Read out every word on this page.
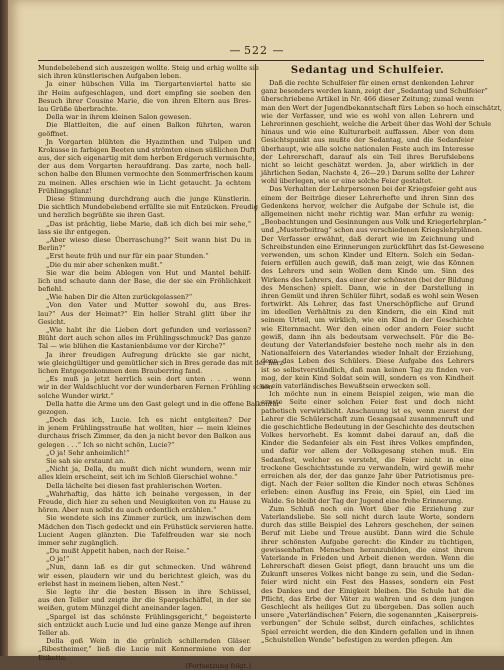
— 522 —
Mundebelebend sich auszeigen wollte. Steig und erhig wollte sie
sich ihren künstlerischen Aufgaben leben.
Ja einer hübschen Villa im Tiergartenviertel hatte sie
ihr Heim aufgeschlagen, und dort empfing sie soeben den
Besuch ihrer Cousine Marie, die von ihren Eltern aus Bres-
lau Grüße überbrachte.
Della war in ihrem kleinen Salon gewesen.
Die Blattleiten, die auf einen Balkon führten, waren
geöffnet.
Jn Vorgarten blühten die Hyazinthen und Tulpen und
Krokusse in farbigen Beeten und strömten einen süßlichen Duft
aus, der sich eigenartig mit dem herben Erdgeruch vermischte,
der aus dem Vorgarten heraufdrang. Das zarte, noch hell-
schon halbe den Blumen vermochte den Sommerfrischen kaum
zu meinen. Alles erschien wie in Licht getaucht. Ja echtem
Frühlingsglanz!
Diese Stimmung durchdrang auch die junge Künstlerin.
Die sichtlich Mundebelebend erfüllte sie mit Entzücken. Freudig
und herzlich begrüßte sie ihren Gast.
„Das ist prächtig, liebe Marie, daß ich dich bei mir sehe,“
lass sie ihr entgegen.
„Aber wieso diese Überraschung?“ Seit wann bist Du in
Berlin?“
„Erst heute früh und nur für ein paar Stunden.“
„Die du mir aber schenken mußt.“
Sie war die beim Ablegen von Hut und Mantel behilf-
lich und schaute dann der Base, die der sie ein Fröhlichkeit
befiehl.
„Wie haben Dir die Alten zurückgelassen?“
„Von den Vater und Mutter sowohl du, aus Bres-
lau?“ Aus der Heimat?“ Ein heller Strahl glitt über ihr
Gesicht.
„Wie habt ihr die Lieben dort gefunden und verlassen?
Blüht dort auch schon alles im Frühlingsschmuck? Das ganze
Tal — wie blühen die Kastanienbäume vor der Kirche?“
Ja ihrer freudigen Aufregung drückte sie gar nicht,
wie gleichgültiger und gemütlicher sich in Bres gerade das mit der herz-
lichen Entgegenkommen dem Brauberring fand.
„Es muß ja jetzt herrlich sein dort unten . . . wenn
wir in der Waldschlucht vor der wunderbaren Fernen Frühling schon
solche Wunder wirkt.“
Della hatte die Arme um den Gast gelegt und in die offene Balkontür
gezogen.
„Doch das ich, Lucie. Ich es nicht entgleiten? Der
in jenem Frühlingsstrauße hat wollten, hier — mein kleines
durchaus frisch Zimmer, da den ja nicht bevor den Balkon aus
gelegen . . .“ Ich so nicht schön, Lucie?“
„O ja! Sehr anheimlich!“
Sie sah sie erstaunt an.
„Nicht ja, Della, du mußt dich nicht wundern, wenn mir
alles klein erscheint, seit ich im Schloß Gierschiel wohne.“
Della lächelte bei diesen fast prahlerischen Worten.
„Wahrhaftig, das hätte ich beinahe vergessen, in der
Freude, dich hier zu sehen und Neuigkeiten von zu Hause zu
hören. Aber nun sollst du auch ordentlich erzählen.“
Sie wendete sich ins Zimmer zurück, um inzwischen dem
Mädchen den Tisch gedeckt und ein Frühstück servieren hatte.
Lucient Augen glänzten. Die Tafelfreuden war sie noch
immer sehr zugänglich.
„Du mußt Appetit haben, nach der Reise.“
„O ja!“
„Nun, dann laß es dir gut schmecken. Und während
wir essen, plaudern wir und du berichtest gleich, was du
erlebst hast in meinem lieben, alten Nest.“
Sie legte ihr die besten Bissen in ihre Schüssel,
aus den Teller und zeigte ihr die Spargelschäffel, in der sie
weißen, gutem Münzgel dicht aneinander lagen.
„Spargel ist das schönste Frühlingsgericht,“ begeisterte
sich entzückt auch Lucie und lud eine ganze Menge auf ihren
Teller ab.
Della goß Wein in die grünlich schillernden Gläser.
„Ribestheimer,“ ließ die Lucie mit Kennermiene von der
Etikette.
(Fortsetzung folgt.)
Sedantag und Schulfeier.
Daß die rechte Schulfeier für einen ernst denkenden Lehrer
ganz besonders werden kann, zeigt der „Sedantag und Schulfeier“
überschriebene Artikel in Nr. 466 dieser Zeitung; zumal wenn
man den Wert der Jugendbekanntschaft fürs Leben so hoch einschätzt,
wie der Verfasser, und wie es wohl von allen Lehrern und
Lehrerinnen geschieht, welche die Arbeit über das Wohl der Schule
hinaus und wie eine Kulturarbeit auffassen. Aber von dem
Gesichtspunkt aus mußte der Sedantag, und die Sedanfeier
überhaupt, wie alle solche nationalen Feste auch im Interesse
der Lehrerschaft, darauf als ein Teil ihres Berufslebens
nicht so leicht geschätzt werden. Ja, aber wirklich in der
jährlichen Sedan, Nachste 4, 26—29.) Darum sollte der Lehrer
wohl überlegen, wie er eine solche Feier gestaltet.
Das Verhalten der Lehrpersonen bei der Kriegsfeier geht aus
einem der Beiträge dieser Lehrerhefte und ihren Sinn des
Gedenkens hervor, welcher die Aufgabe der Schule ist, die
allgemeinen nicht mehr richtig war. Man erfuhr zu wenig:
„Beobachtungen und Gesinnungen aus Volk und Kriegerlehrplan-“
und „Musterbeitrag“ schon aus verschiedenen Kriegslehrplänen.
Der Verfasser erwähnt, daß derart wie im Zeichnung und
Schreibstunden eine Erinnerungen zurückführt das Ist-Gewesene
verwenden, um schon Kinder und Eltern. Solch ein Sedan-
feiern erfüllen auch gewiß, daß man zeigt, wie das Können
des Lehrers und sein Wollen dem Kinde um. Sinn des
Wirkens des Lehrers, das einer der schönsten (bei der Bildung
des Menschen) spielt. Dann, wie in der Darstellung in
ihren Gemüt und ihren Schüler führt, sodaß es wohl sein Wesen
fortwirkt. Als Lehrer, das fast Unerschöpfliche auf Grund
im ideellen Verhältnis zu den Kindern, die ein Kind mit
seinem Urteil, um wirklich, wie ein Kind in der Geschichte
wie Elternmacht. Wer den einen oder andern Feier sucht
gewiß, dann ihn als bedeutsam verwechselt. Für die Be-
deutung der Vaterlandsfeier bestehe noch mehr als in den
Nationalfeiern des Vaterlandes wieder Inhalt der Erziehung,
denn das Leben des Schülers. Diese Aufgabe des Lehrers
ist so selbstverständlich, daß man keinen Tag zu finden ver-
mag, der kein Kind Soldat sein will, sondern es von Kindheit
an ein vaterländisches Bewußtsein erwecken soll.
Ich möchte nun in einem Beispiel zeigen, wie man die
ernste Seite einer solchen Feier fest und doch nicht
pathetisch verwirklicht. Anschauung ist es, wenn zuerst der
Lehrer die Schülerschaft zum Gesangsaal zusammenruft und
die geschichtliche Bedeutung in der Geschichte des deutschen
Volkes hervorhebt. Es kommt dabei darauf an, daß die
Kinder die Sedanfeier als ein Fest ihres Volkes empfinden,
und dafür vor allem der Volksgesang stehen muß. Ein
Sedanfest, welcher es versteht, die Feier nicht in eine
trockene Geschichtsstunde zu verwandeln, wird gewiß mehr
erreichen als der, der das ganze Jahr über Patriotismus pre-
digt. Nach der Feier sollten die Kinder noch etwas Schönes
erleben: einen Ausflug ins Freie, ein Spiel, ein Lied im
Walde. So bleibt der Tag der Jugend eine frohe Erinnerung.
Zum Schluß noch ein Wort über die Erziehung zur
Vaterlandsliebe. Sie soll nicht durch laute Worte, sondern
durch das stille Beispiel des Lehrers geschehen, der seinen
Beruf mit Liebe und Treue ausübt. Dann wird die Schule
ihrer schönsten Aufgabe gerecht: die Kinder zu tüchtigen,
gewissenhaften Menschen heranzubilden, die einst ihrem
Vaterlande in Frieden und Arbeit dienen werden. Wenn die
Lehrerschaft diesen Geist pflegt, dann braucht uns um die
Zukunft unseres Volkes nicht bange zu sein, und die Sedan-
feier wird nicht ein Fest des Hasses, sondern ein Fest
des Dankes und der Einigkeit bleiben. Die Schule hat die
Pflicht, das Erbe der Väter zu wahren und es dem jungen
Geschlecht als heiliges Gut zu übergeben. Das sollen auch
unsere „Vaterländischen“ Feiern, die sogenannten „Kaiserpreis-
verbungen“ der Schule selbst, durch einfaches, schlichtes
Spiel erreicht werden, die den Kindern gefallen und in ihnen
„Schulstellen Wende“ befestigen zu werden pflegen. Am
